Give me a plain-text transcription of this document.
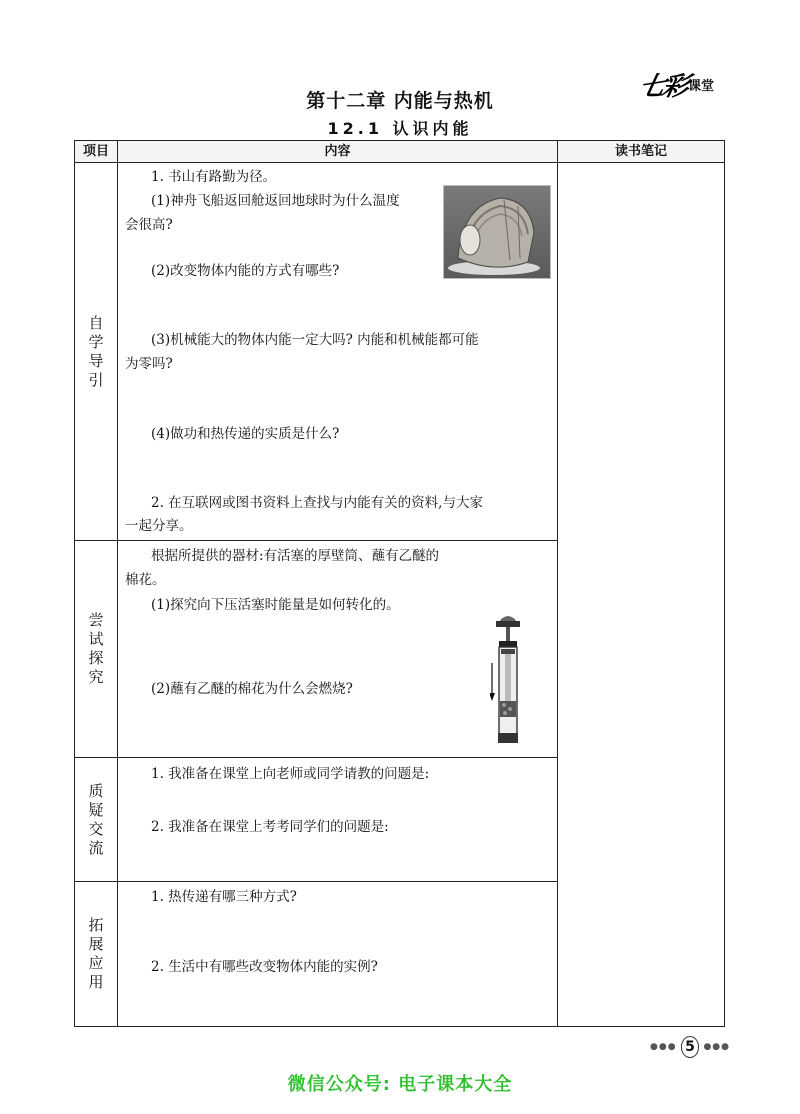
七彩 课堂
第十二章 内能与热机
12.1 认识内能
项目	内容	读书笔记
自
学
导
引
尝
试
探
究
质
疑
交
流
拓
展
应
用
1. 书山有路勤为径。
(1)神舟飞船返回舱返回地球时为什么温度
会很高?
(2)改变物体内能的方式有哪些?
(3)机械能大的物体内能一定大吗? 内能和机械能都可能
为零吗?
(4)做功和热传递的实质是什么?
2. 在互联网或图书资料上查找与内能有关的资料,与大家
一起分享。
根据所提供的器材:有活塞的厚壁筒、蘸有乙醚的
棉花。
(1)探究向下压活塞时能量是如何转化的。
(2)蘸有乙醚的棉花为什么会燃烧?
1. 我准备在课堂上向老师或同学请教的问题是:
2. 我准备在课堂上考考同学们的问题是:
1. 热传递有哪三种方式?
2. 生活中有哪些改变物体内能的实例?
●●● 5 ●●●
微信公众号: 电子课本大全
